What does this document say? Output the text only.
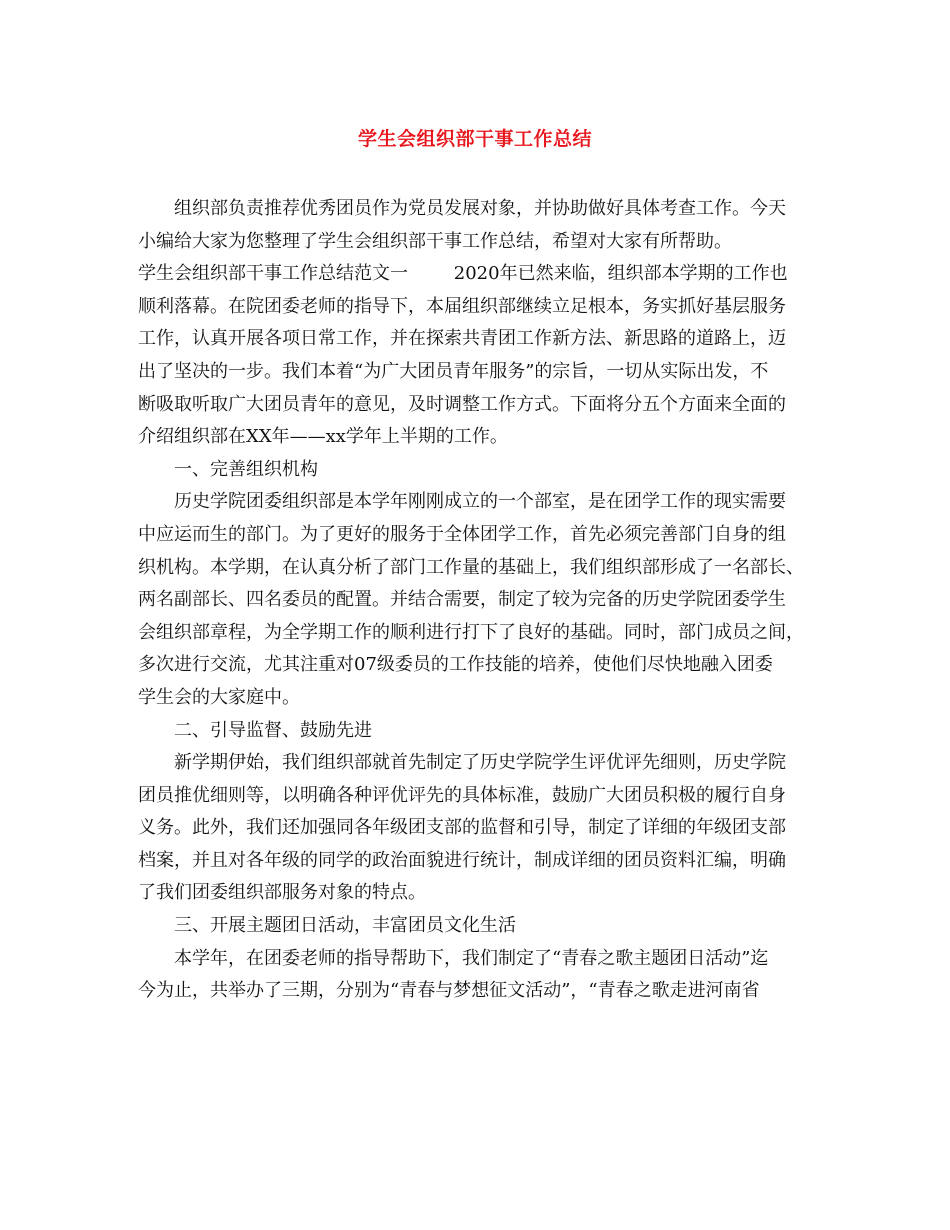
学生会组织部干事工作总结
组织部负责推荐优秀团员作为党员发展对象，并协助做好具体考查工作。今天
小编给大家为您整理了学生会组织部干事工作总结，希望对大家有所帮助。
学生会组织部干事工作总结范文一        2020年已然来临，组织部本学期的工作也
顺利落幕。在院团委老师的指导下，本届组织部继续立足根本，务实抓好基层服务
工作，认真开展各项日常工作，并在探索共青团工作新方法、新思路的道路上，迈
出了坚决的一步。我们本着“为广大团员青年服务”的宗旨，一切从实际出发，不
断吸取听取广大团员青年的意见，及时调整工作方式。下面将分五个方面来全面的
介绍组织部在XX年——xx学年上半期的工作。
一、完善组织机构
历史学院团委组织部是本学年刚刚成立的一个部室，是在团学工作的现实需要
中应运而生的部门。为了更好的服务于全体团学工作，首先必须完善部门自身的组
织机构。本学期，在认真分析了部门工作量的基础上，我们组织部形成了一名部长、
两名副部长、四名委员的配置。并结合需要，制定了较为完备的历史学院团委学生
会组织部章程，为全学期工作的顺利进行打下了良好的基础。同时，部门成员之间，
多次进行交流，尤其注重对07级委员的工作技能的培养，使他们尽快地融入团委
学生会的大家庭中。
二、引导监督、鼓励先进
新学期伊始，我们组织部就首先制定了历史学院学生评优评先细则，历史学院
团员推优细则等，以明确各种评优评先的具体标准，鼓励广大团员积极的履行自身
义务。此外，我们还加强同各年级团支部的监督和引导，制定了详细的年级团支部
档案，并且对各年级的同学的政治面貌进行统计，制成详细的团员资料汇编，明确
了我们团委组织部服务对象的特点。
三、开展主题团日活动，丰富团员文化生活
本学年，在团委老师的指导帮助下，我们制定了“青春之歌主题团日活动”迄
今为止，共举办了三期，分别为“青春与梦想征文活动”，“青春之歌走进河南省
